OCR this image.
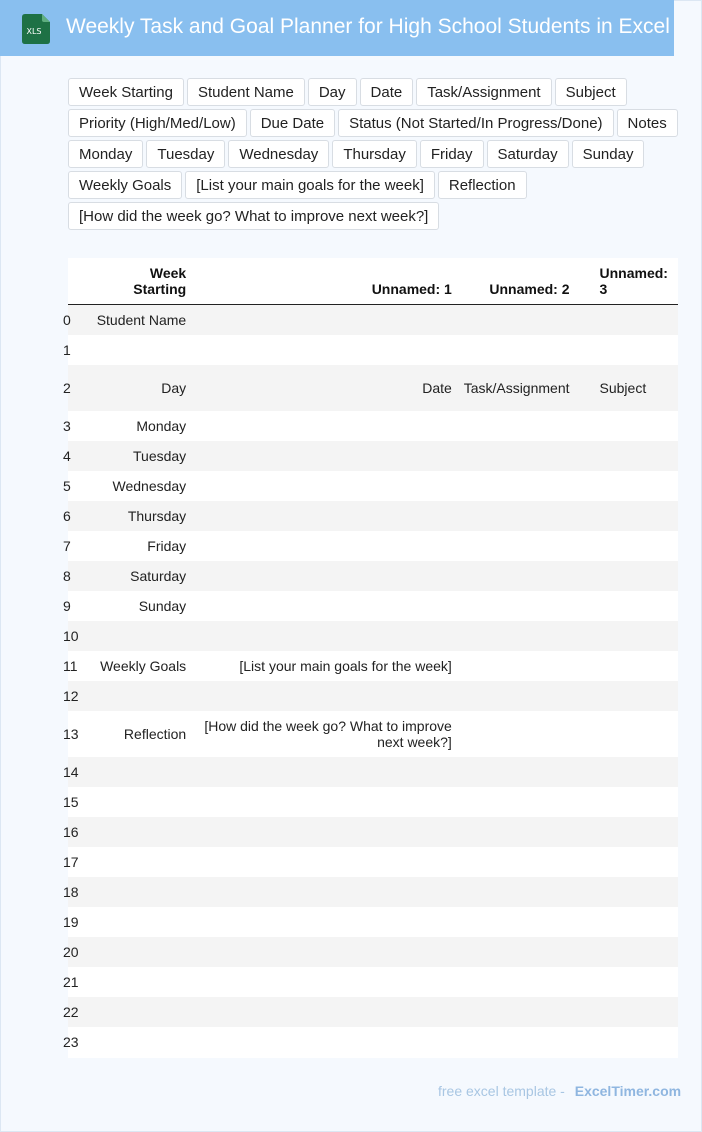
XLS Weekly Task and Goal Planner for High School Students in Excel
Week Starting	Student Name	Day	Date	Task/Assignment	Subject
Priority (High/Med/Low)	Due Date	Status (Not Started/In Progress/Done)	Notes
Monday	Tuesday	Wednesday	Thursday	Friday	Saturday	Sunday
Weekly Goals	[List your main goals for the week]	Reflection
[How did the week go? What to improve next week?]
	Week Starting	Unnamed: 1	Unnamed: 2	Unnamed: 3
0	Student Name			
1				
2	Day	Date	Task/Assignment	Subject
3	Monday			
4	Tuesday			
5	Wednesday			
6	Thursday			
7	Friday			
8	Saturday			
9	Sunday			
10				
11	Weekly Goals	[List your main goals for the week]		
12				
13	Reflection	[How did the week go? What to improve next week?]		
14				
15				
16				
17				
18				
19				
20				
21				
22				
23				
free excel template - ExcelTimer.com
